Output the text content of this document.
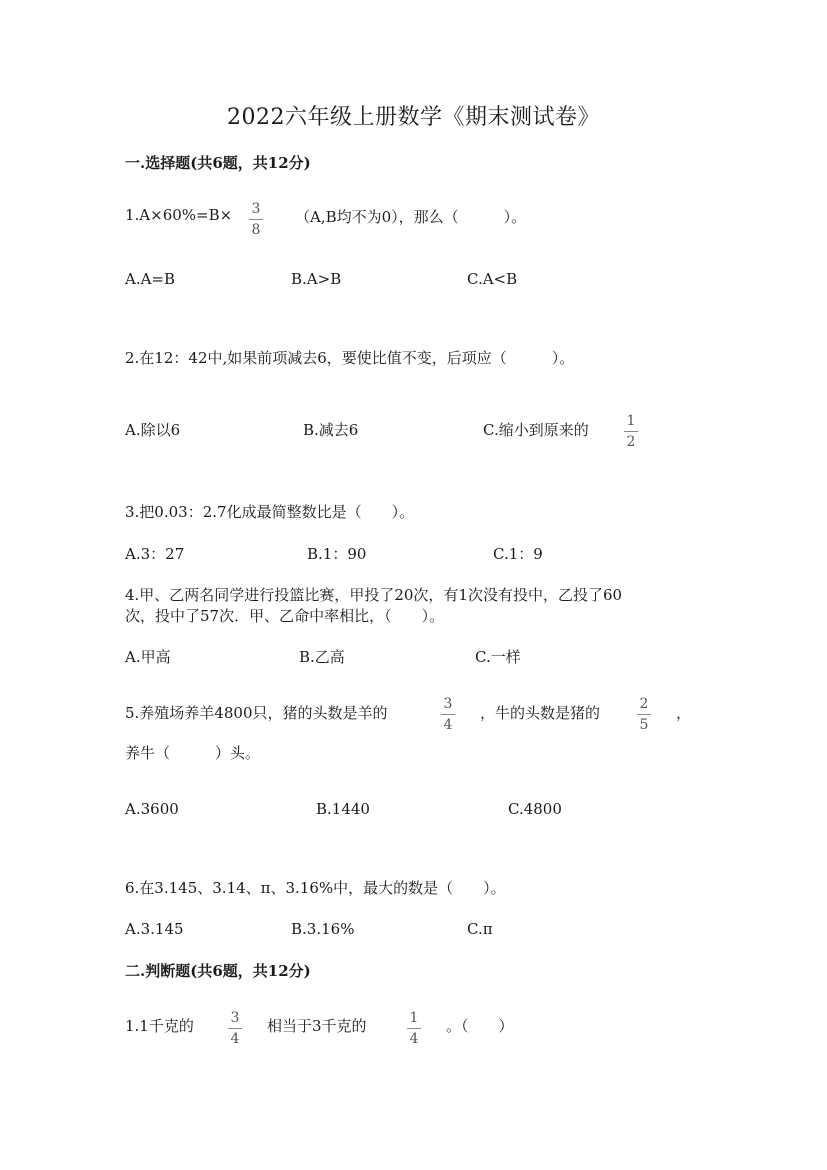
2022六年级上册数学《期末测试卷》
一.选择题(共6题，共12分)
1.A×60%=B× 3
8
（A,B均不为0），那么（　　　）。
A.A=B	B.A>B	C.A<B
2.在12：42中,如果前项减去6，要使比值不变，后项应（　　　）。
A.除以6	B.减去6	C.缩小到原来的	1
2
3.把0.03：2.7化成最简整数比是（　　）。
A.3：27	B.1：90	C.1：9
4.甲、乙两名同学进行投篮比赛，甲投了20次，有1次没有投中，乙投了60
次，投中了57次．甲、乙命中率相比，（　　）。
A.甲高	B.乙高	C.一样
5.养殖场养羊4800只，猪的头数是羊的	3
4
，牛的头数是猪的	2
5
，
养牛（　　　）头。
A.3600	B.1440	C.4800
6.在3.145、3.14、π、3.16%中，最大的数是（　　）。
A.3.145	B.3.16%	C.π
二.判断题(共6题，共12分)
1.1千克的	3
4
相当于3千克的	1
4
。（　　）
